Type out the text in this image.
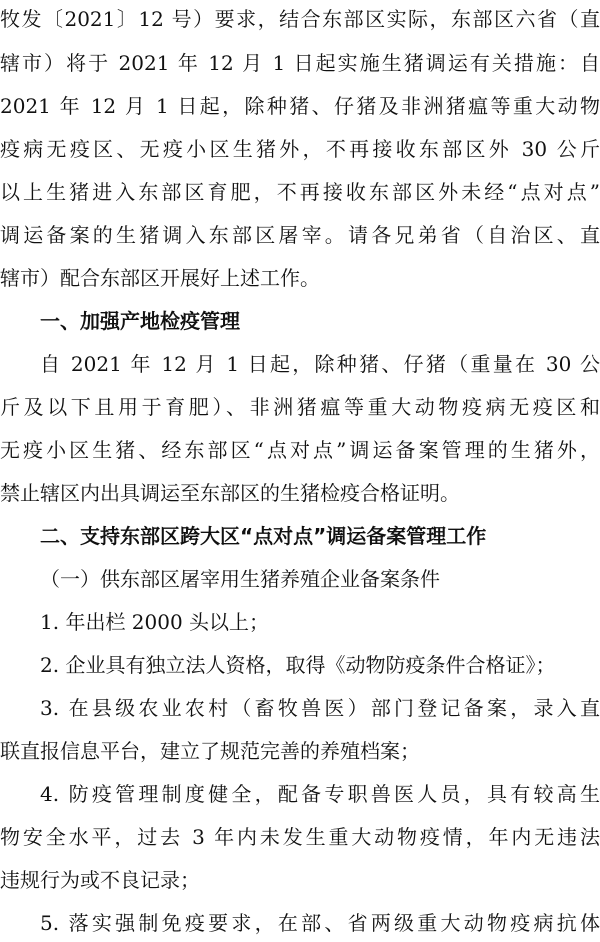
牧发〔2021〕12 号）要求，结合东部区实际，东部区六省（直
辖市）将于 2021 年 12 月 1 日起实施生猪调运有关措施：自
2021 年 12 月 1 日起，除种猪、仔猪及非洲猪瘟等重大动物
疫病无疫区、无疫小区生猪外，不再接收东部区外 30 公斤
以上生猪进入东部区育肥，不再接收东部区外未经“点对点”
调运备案的生猪调入东部区屠宰。请各兄弟省（自治区、直
辖市）配合东部区开展好上述工作。
一、加强产地检疫管理
自 2021 年 12 月 1 日起，除种猪、仔猪（重量在 30 公
斤及以下且用于育肥）、非洲猪瘟等重大动物疫病无疫区和
无疫小区生猪、经东部区“点对点”调运备案管理的生猪外，
禁止辖区内出具调运至东部区的生猪检疫合格证明。
二、支持东部区跨大区“点对点”调运备案管理工作
（一）供东部区屠宰用生猪养殖企业备案条件
1. 年出栏 2000 头以上；
2. 企业具有独立法人资格，取得《动物防疫条件合格证》；
3. 在县级农业农村（畜牧兽医）部门登记备案，录入直
联直报信息平台，建立了规范完善的养殖档案；
4. 防疫管理制度健全，配备专职兽医人员，具有较高生
物安全水平，过去 3 年内未发生重大动物疫情，年内无违法
违规行为或不良记录；
5. 落实强制免疫要求，在部、省两级重大动物疫病抗体
